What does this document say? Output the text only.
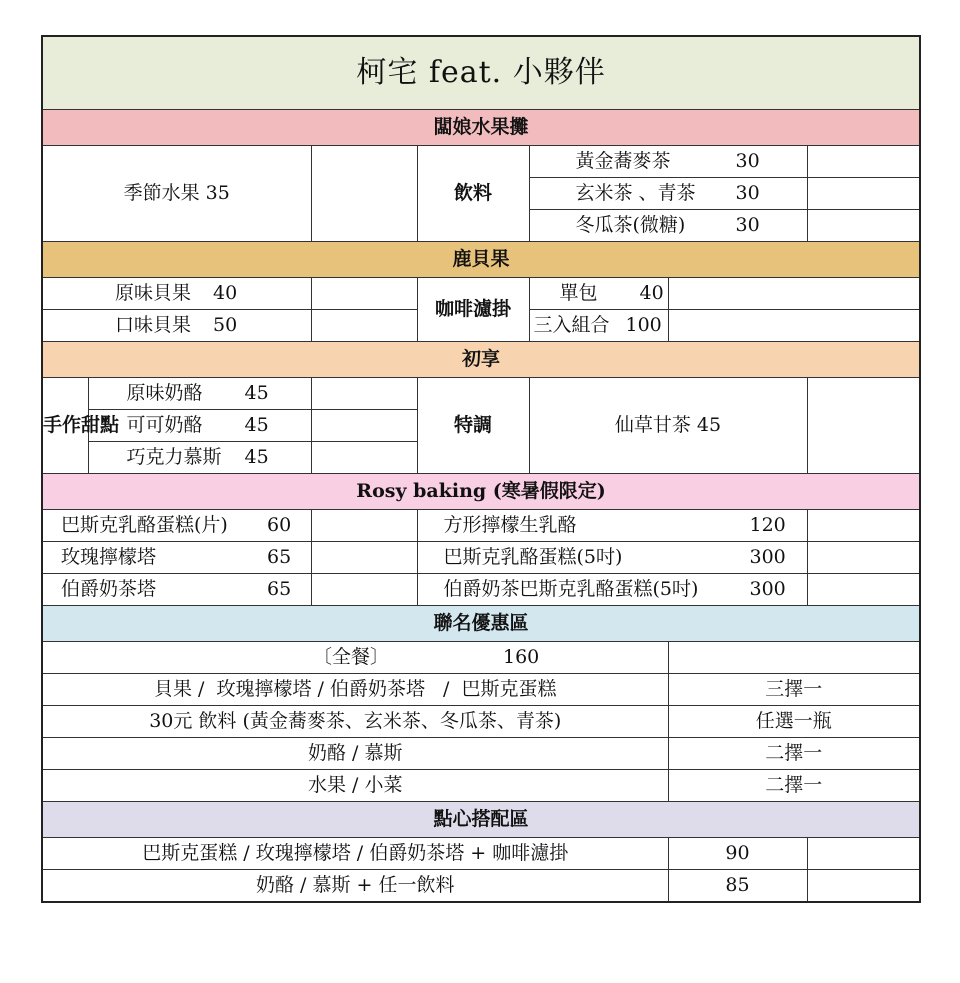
柯宅 feat. 小夥伴						
闆娘水果攤						
季節水果 35			飲料	黃金蕎麥茶 30		
				玄米茶 、青茶 30		
				冬瓜茶(微糖) 30		
鹿貝果						
原味貝果 40			咖啡濾掛	單包 40		
口味貝果 50				三入組合 100		
初享						
手作甜點	原味奶酪 45		特調	仙草甘茶 45		
	可可奶酪 45					
	巧克力慕斯 45					
Rosy baking (寒暑假限定)						
巴斯克乳酪蛋糕(片) 60			方形擰檬生乳酪 120			
玫瑰擰檬塔 65			巴斯克乳酪蛋糕(5吋) 300			
伯爵奶茶塔 65			伯爵奶茶巴斯克乳酪蛋糕(5吋) 300			
聯名優惠區						
〔全餐〕 160						
貝果 /  玫瑰擰檬塔 / 伯爵奶茶塔   /  巴斯克蛋糕					三擇一	
30元 飲料 (黃金蕎麥茶、玄米茶、冬瓜茶、青茶)					任選一瓶	
奶酪 / 慕斯					二擇一	
水果 / 小菜					二擇一	
點心搭配區						
巴斯克蛋糕 / 玫瑰擰檬塔 / 伯爵奶茶塔 + 咖啡濾掛					90	
奶酪 / 慕斯 + 任一飲料					85	
